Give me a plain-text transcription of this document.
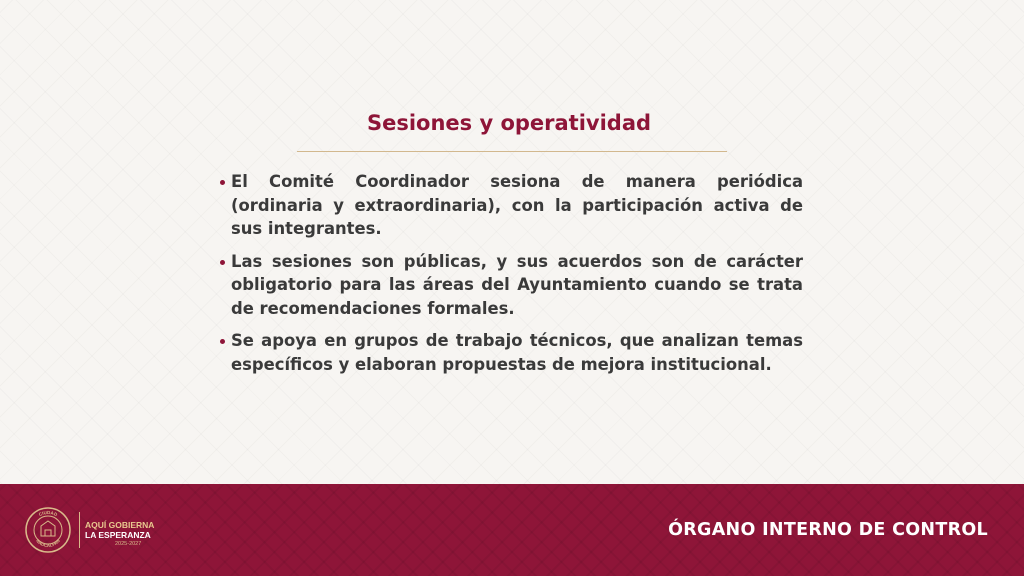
Sesiones y operatividad
El Comité Coordinador sesiona de manera periódica (ordinaria y extraordinaria), con la participación activa de sus integrantes.
Las sesiones son públicas, y sus acuerdos son de carácter obligatorio para las áreas del Ayuntamiento cuando se trata de recomendaciones formales.
Se apoya en grupos de trabajo técnicos, que analizan temas específicos y elaboran propuestas de mejora institucional.
CIUDAD
NAUCALPAN
AQUÍ GOBIERNA
LA ESPERANZA
2025-2027
ÓRGANO INTERNO DE CONTROL
